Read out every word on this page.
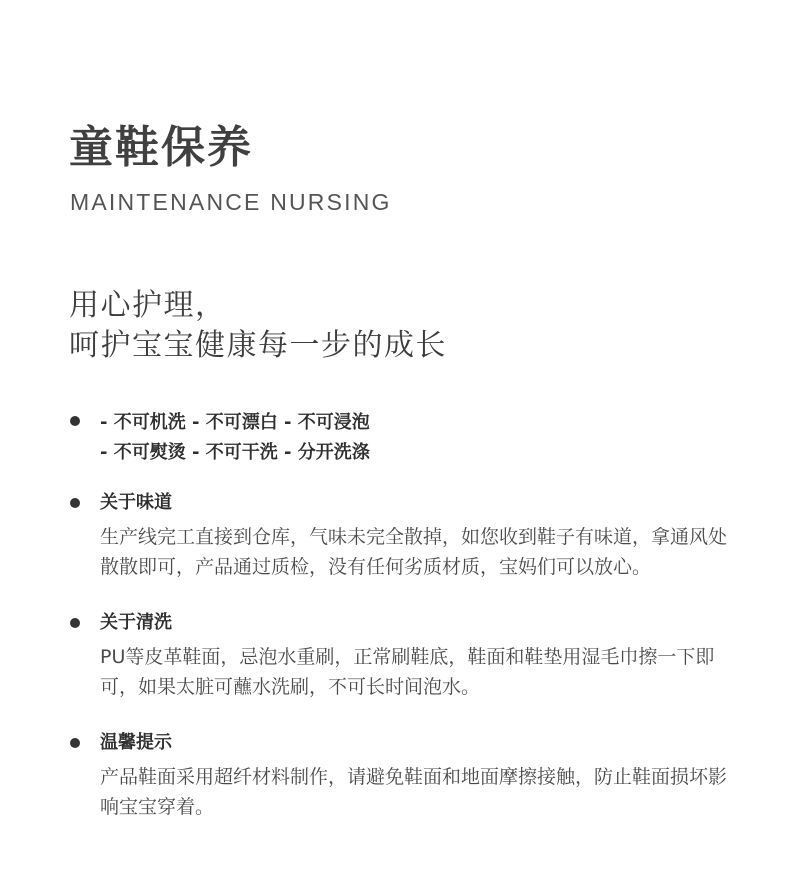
童鞋保养
MAINTENANCE NURSING
用心护理，
呵护宝宝健康每一步的成长
- 不可机洗 - 不可漂白 - 不可浸泡
- 不可熨烫 - 不可干洗 - 分开洗涤
关于味道
生产线完工直接到仓库，气味未完全散掉，如您收到鞋子有味道，拿通风处散散即可，产品通过质检，没有任何劣质材质，宝妈们可以放心。
关于清洗
PU等皮革鞋面，忌泡水重刷，正常刷鞋底，鞋面和鞋垫用湿毛巾擦一下即可，如果太脏可蘸水洗刷，不可长时间泡水。
温馨提示
产品鞋面采用超纤材料制作，请避免鞋面和地面摩擦接触，防止鞋面损坏影响宝宝穿着。
